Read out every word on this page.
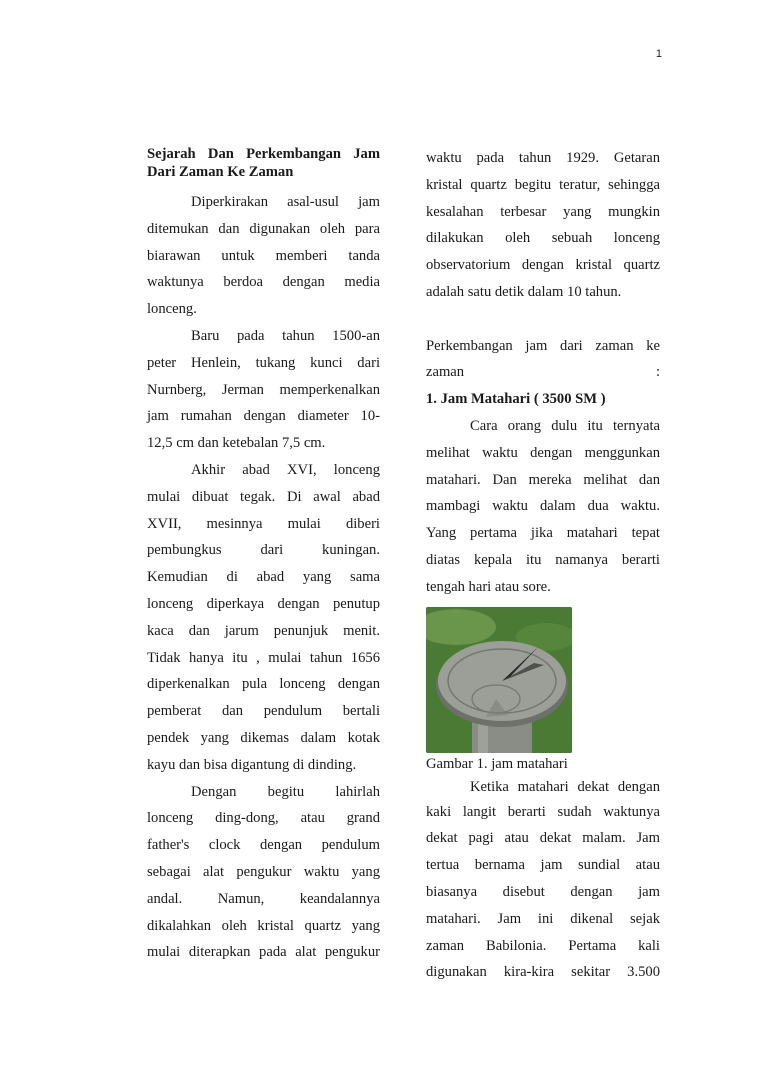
1
Sejarah Dan Perkembangan Jam
Dari Zaman Ke Zaman
Diperkirakan asal-usul jam
ditemukan dan digunakan oleh para
biarawan untuk memberi tanda
waktunya berdoa dengan media
lonceng.
Baru pada tahun 1500-an
peter Henlein, tukang kunci dari
Nurnberg, Jerman memperkenalkan
jam rumahan dengan diameter 10-
12,5 cm dan ketebalan 7,5 cm.
Akhir abad XVI, lonceng
mulai dibuat tegak. Di awal abad
XVII, mesinnya mulai diberi
pembungkus dari kuningan.
Kemudian di abad yang sama
lonceng diperkaya dengan penutup
kaca dan jarum penunjuk menit.
Tidak hanya itu , mulai tahun 1656
diperkenalkan pula lonceng dengan
pemberat dan pendulum bertali
pendek yang dikemas dalam kotak
kayu dan bisa digantung di dinding.
Dengan begitu lahirlah
lonceng ding-dong, atau grand
father's clock dengan pendulum
sebagai alat pengukur waktu yang
andal. Namun, keandalannya
dikalahkan oleh kristal quartz yang
mulai diterapkan pada alat pengukur
waktu pada tahun 1929. Getaran
kristal quartz begitu teratur, sehingga
kesalahan terbesar yang mungkin
dilakukan oleh sebuah lonceng
observatorium dengan kristal quartz
adalah satu detik dalam 10 tahun.
Perkembangan jam dari zaman ke
zaman	:
1. Jam Matahari ( 3500 SM )
Cara orang dulu itu ternyata
melihat waktu dengan menggunkan
matahari. Dan mereka melihat dan
mambagi waktu dalam dua waktu.
Yang pertama jika matahari tepat
diatas kepala itu namanya berarti
tengah hari atau sore.
Gambar 1. jam matahari
Ketika matahari dekat dengan
kaki langit berarti sudah waktunya
dekat pagi atau dekat malam. Jam
tertua bernama jam sundial atau
biasanya disebut dengan jam
matahari. Jam ini dikenal sejak
zaman Babilonia. Pertama kali
digunakan kira-kira sekitar 3.500
